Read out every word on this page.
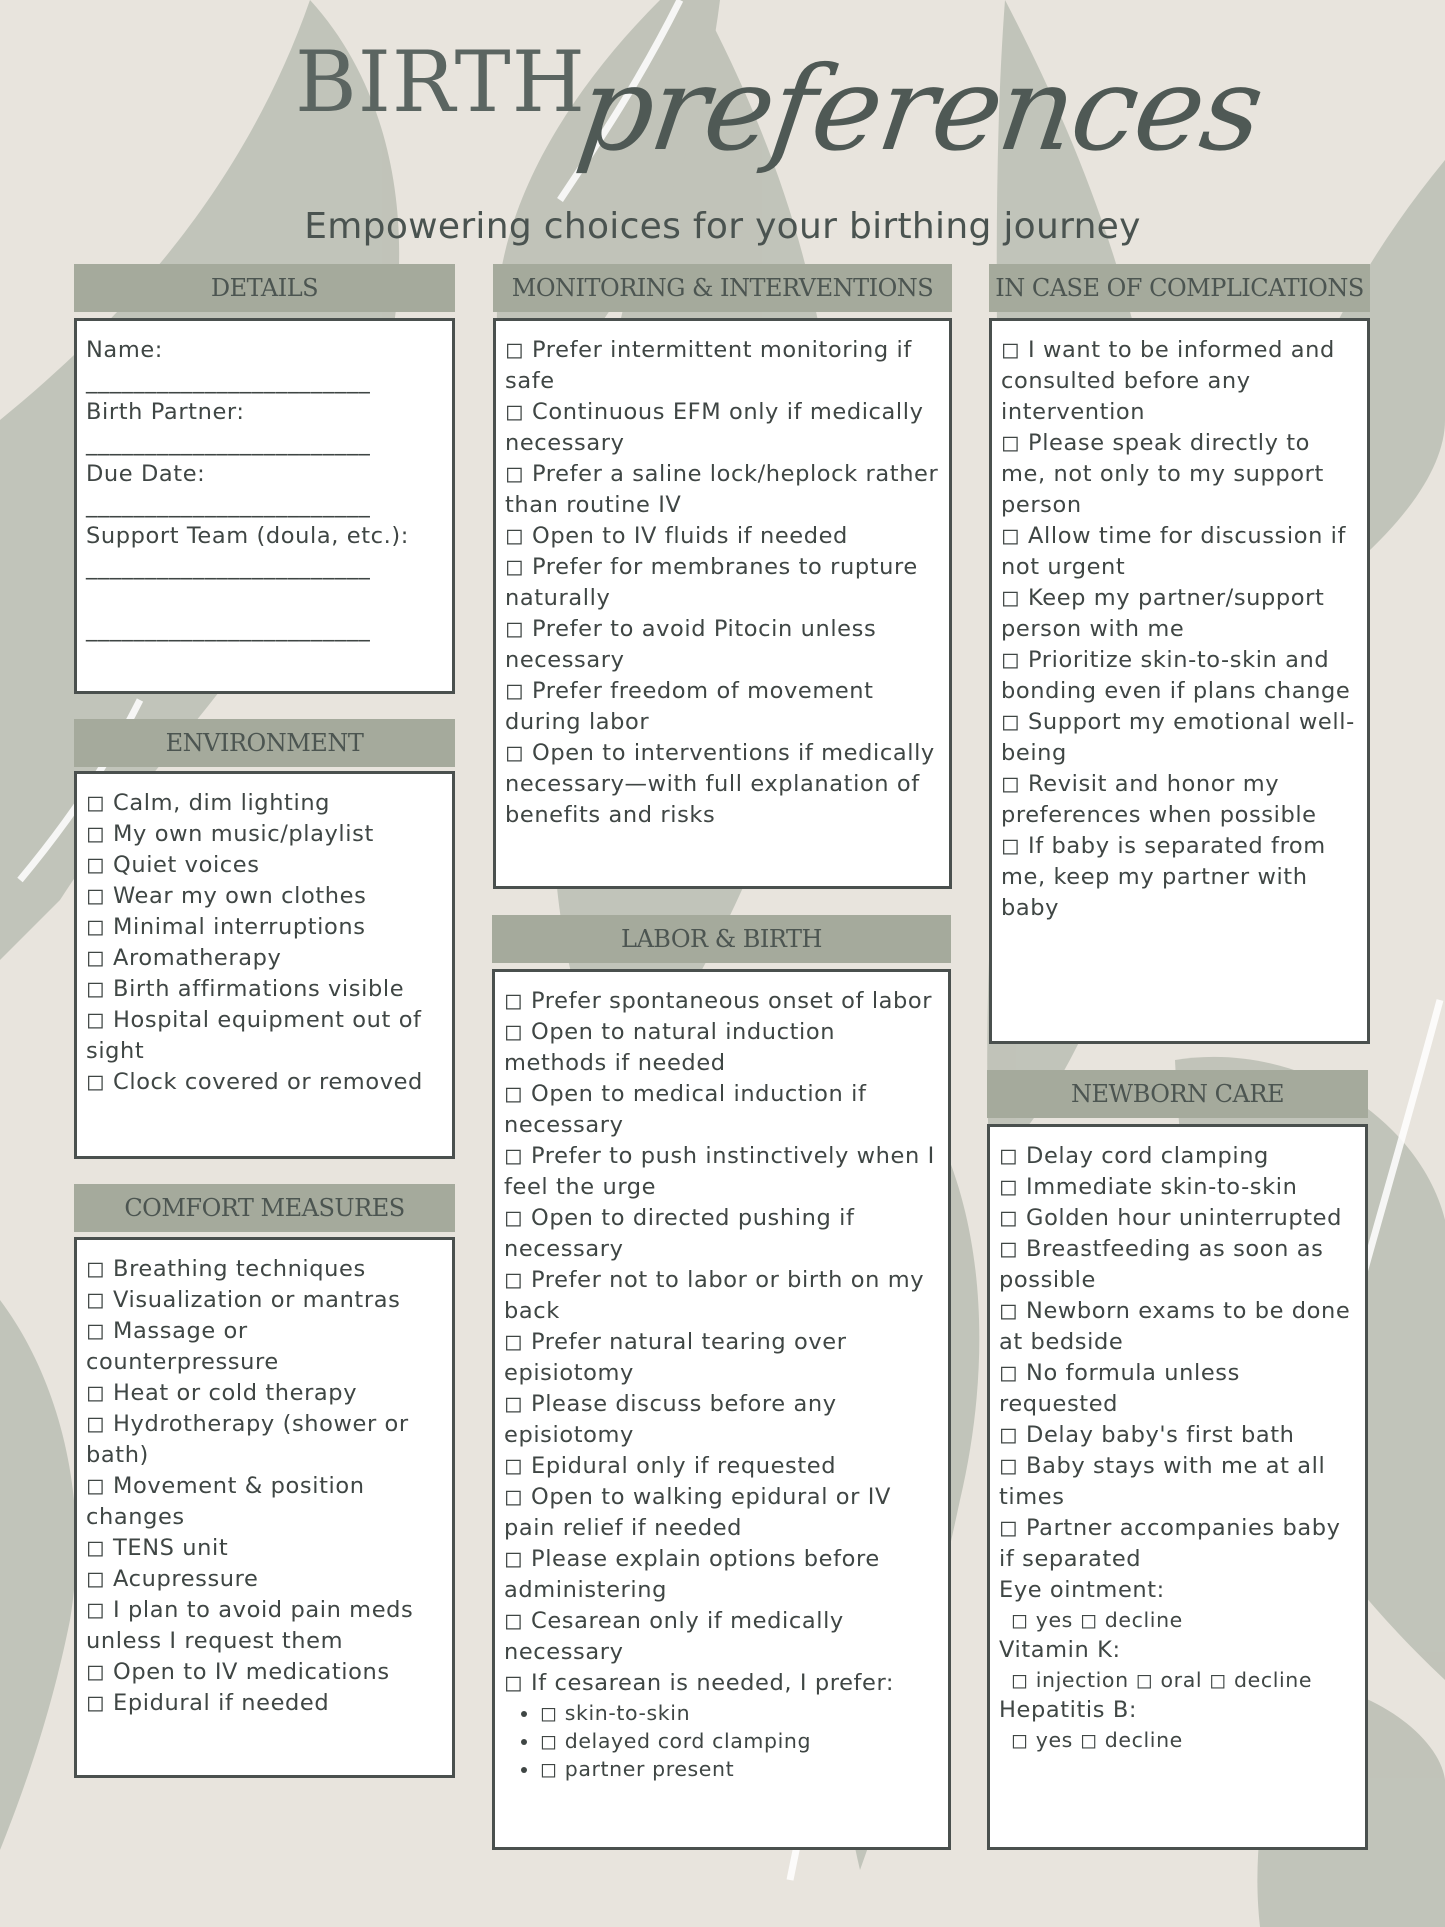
BIRTH
preferences
Empowering choices for your birthing journey
DETAILS
Name:
________________________
Birth Partner:
________________________
Due Date:
________________________
Support Team (doula, etc.):
________________________
________________________
ENVIRONMENT
◻ Calm, dim lighting
◻ My own music/playlist
◻ Quiet voices
◻ Wear my own clothes
◻ Minimal interruptions
◻ Aromatherapy
◻ Birth affirmations visible
◻ Hospital equipment out of sight
◻ Clock covered or removed
COMFORT MEASURES
◻ Breathing techniques
◻ Visualization or mantras
◻ Massage or counterpressure
◻ Heat or cold therapy
◻ Hydrotherapy (shower or bath)
◻ Movement & position changes
◻ TENS unit
◻ Acupressure
◻ I plan to avoid pain meds unless I request them
◻ Open to IV medications
◻ Epidural if needed
MONITORING & INTERVENTIONS
◻ Prefer intermittent monitoring if safe
◻ Continuous EFM only if medically necessary
◻ Prefer a saline lock/heplock rather than routine IV
◻ Open to IV fluids if needed
◻ Prefer for membranes to rupture naturally
◻ Prefer to avoid Pitocin unless necessary
◻ Prefer freedom of movement during labor
◻ Open to interventions if medically necessary—with full explanation of benefits and risks
LABOR & BIRTH
◻ Prefer spontaneous onset of labor
◻ Open to natural induction methods if needed
◻ Open to medical induction if necessary
◻ Prefer to push instinctively when I feel the urge
◻ Open to directed pushing if necessary
◻ Prefer not to labor or birth on my back
◻ Prefer natural tearing over episiotomy
◻ Please discuss before any episiotomy
◻ Epidural only if requested
◻ Open to walking epidural or IV pain relief if needed
◻ Please explain options before administering
◻ Cesarean only if medically necessary
◻ If cesarean is needed, I prefer:
• ◻ skin-to-skin
• ◻ delayed cord clamping
• ◻ partner present
IN CASE OF COMPLICATIONS
◻ I want to be informed and consulted before any intervention
◻ Please speak directly to me, not only to my support person
◻ Allow time for discussion if not urgent
◻ Keep my partner/support person with me
◻ Prioritize skin-to-skin and bonding even if plans change
◻ Support my emotional well-being
◻ Revisit and honor my preferences when possible
◻ If baby is separated from me, keep my partner with baby
NEWBORN CARE
◻ Delay cord clamping
◻ Immediate skin-to-skin
◻ Golden hour uninterrupted
◻ Breastfeeding as soon as possible
◻ Newborn exams to be done at bedside
◻ No formula unless requested
◻ Delay baby's first bath
◻ Baby stays with me at all times
◻ Partner accompanies baby if separated
Eye ointment:
◻ yes ◻ decline
Vitamin K:
◻ injection ◻ oral ◻ decline
Hepatitis B:
◻ yes ◻ decline
